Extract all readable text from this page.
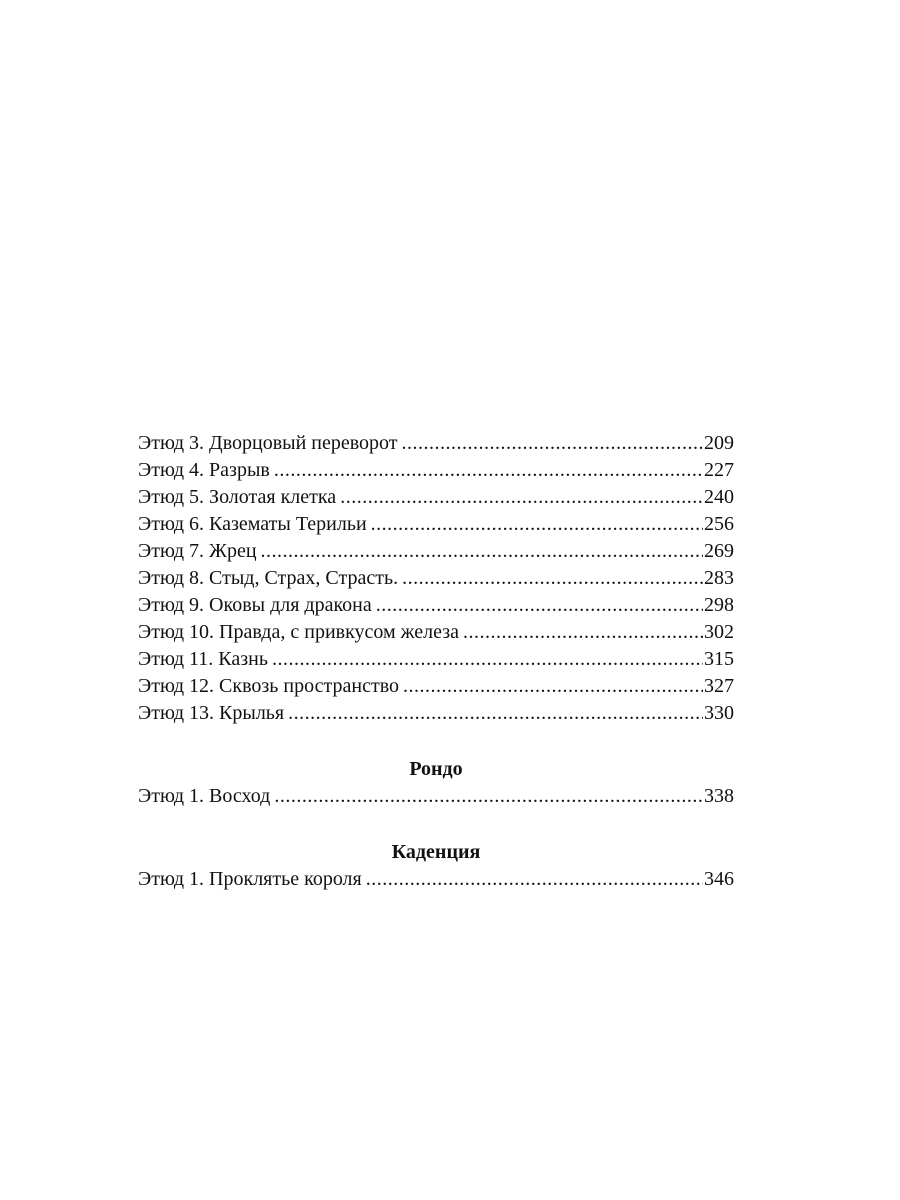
Этюд 3. Дворцовый переворот .....	209
Этюд 4. Разрыв .....	227
Этюд 5. Золотая клетка .....	240
Этюд 6. Казематы Терильи .....	256
Этюд 7. Жрец .....	269
Этюд 8. Стыд, Страх, Страсть. .....	283
Этюд 9. Оковы для дракона .....	298
Этюд 10. Правда, с привкусом железа .....	302
Этюд 11. Казнь .....	315
Этюд 12. Сквозь пространство .....	327
Этюд 13. Крылья .....	330
Рондо
Этюд 1. Восход .....	338
Каденция
Этюд 1. Проклятье короля .....	346
